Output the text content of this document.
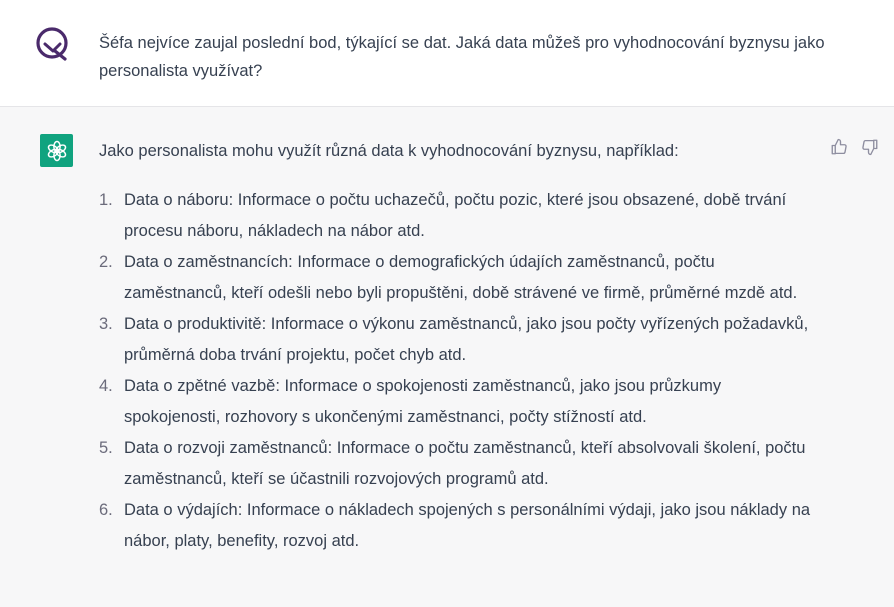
Šéfa nejvíce zaujal poslední bod, týkající se dat. Jaká data můžeš pro vyhodnocování byznysu jako personalista využívat?

Jako personalista mohu využít různá data k vyhodnocování byznysu, například:

1. Data o náboru: Informace o počtu uchazečů, počtu pozic, které jsou obsazené, době trvání procesu náboru, nákladech na nábor atd.
2. Data o zaměstnancích: Informace o demografických údajích zaměstnanců, počtu zaměstnanců, kteří odešli nebo byli propuštěni, době strávené ve firmě, průměrné mzdě atd.
3. Data o produktivitě: Informace o výkonu zaměstnanců, jako jsou počty vyřízených požadavků, průměrná doba trvání projektu, počet chyb atd.
4. Data o zpětné vazbě: Informace o spokojenosti zaměstnanců, jako jsou průzkumy spokojenosti, rozhovory s ukončenými zaměstnanci, počty stížností atd.
5. Data o rozvoji zaměstnanců: Informace o počtu zaměstnanců, kteří absolvovali školení, počtu zaměstnanců, kteří se účastnili rozvojových programů atd.
6. Data o výdajích: Informace o nákladech spojených s personálními výdaji, jako jsou náklady na nábor, platy, benefity, rozvoj atd.
